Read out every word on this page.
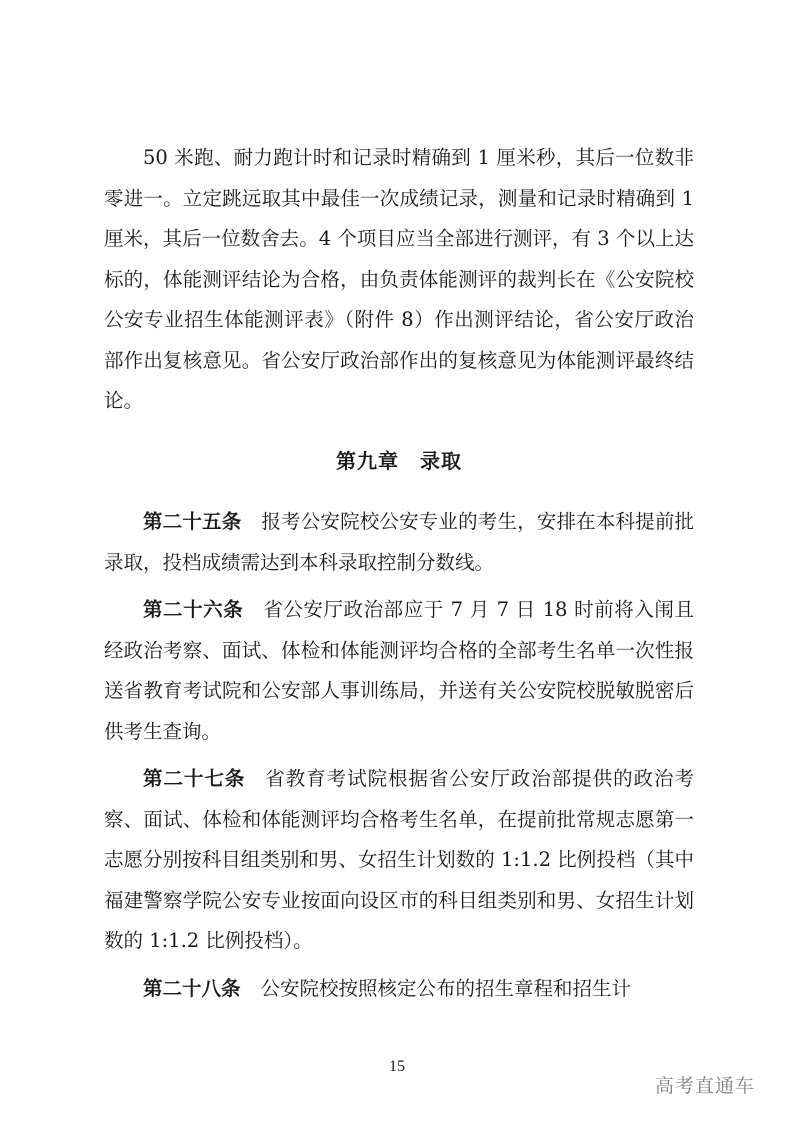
50 米跑、耐力跑计时和记录时精确到 1 厘米秒，其后一位数非零进一。立定跳远取其中最佳一次成绩记录，测量和记录时精确到 1 厘米，其后一位数舍去。4 个项目应当全部进行测评，有 3 个以上达标的，体能测评结论为合格，由负责体能测评的裁判长在《公安院校公安专业招生体能测评表》（附件 8）作出测评结论，省公安厅政治部作出复核意见。省公安厅政治部作出的复核意见为体能测评最终结论。

第九章　录取

第二十五条 报考公安院校公安专业的考生，安排在本科提前批录取，投档成绩需达到本科录取控制分数线。

第二十六条 省公安厅政治部应于 7 月 7 日 18 时前将入闱且经政治考察、面试、体检和体能测评均合格的全部考生名单一次性报送省教育考试院和公安部人事训练局，并送有关公安院校脱敏脱密后供考生查询。

第二十七条 省教育考试院根据省公安厅政治部提供的政治考察、面试、体检和体能测评均合格考生名单，在提前批常规志愿第一志愿分别按科目组类别和男、女招生计划数的 1:1.2 比例投档（其中福建警察学院公安专业按面向设区市的科目组类别和男、女招生计划数的 1:1.2 比例投档）。

第二十八条 公安院校按照核定公布的招生章程和招生计

15
高考直通车
